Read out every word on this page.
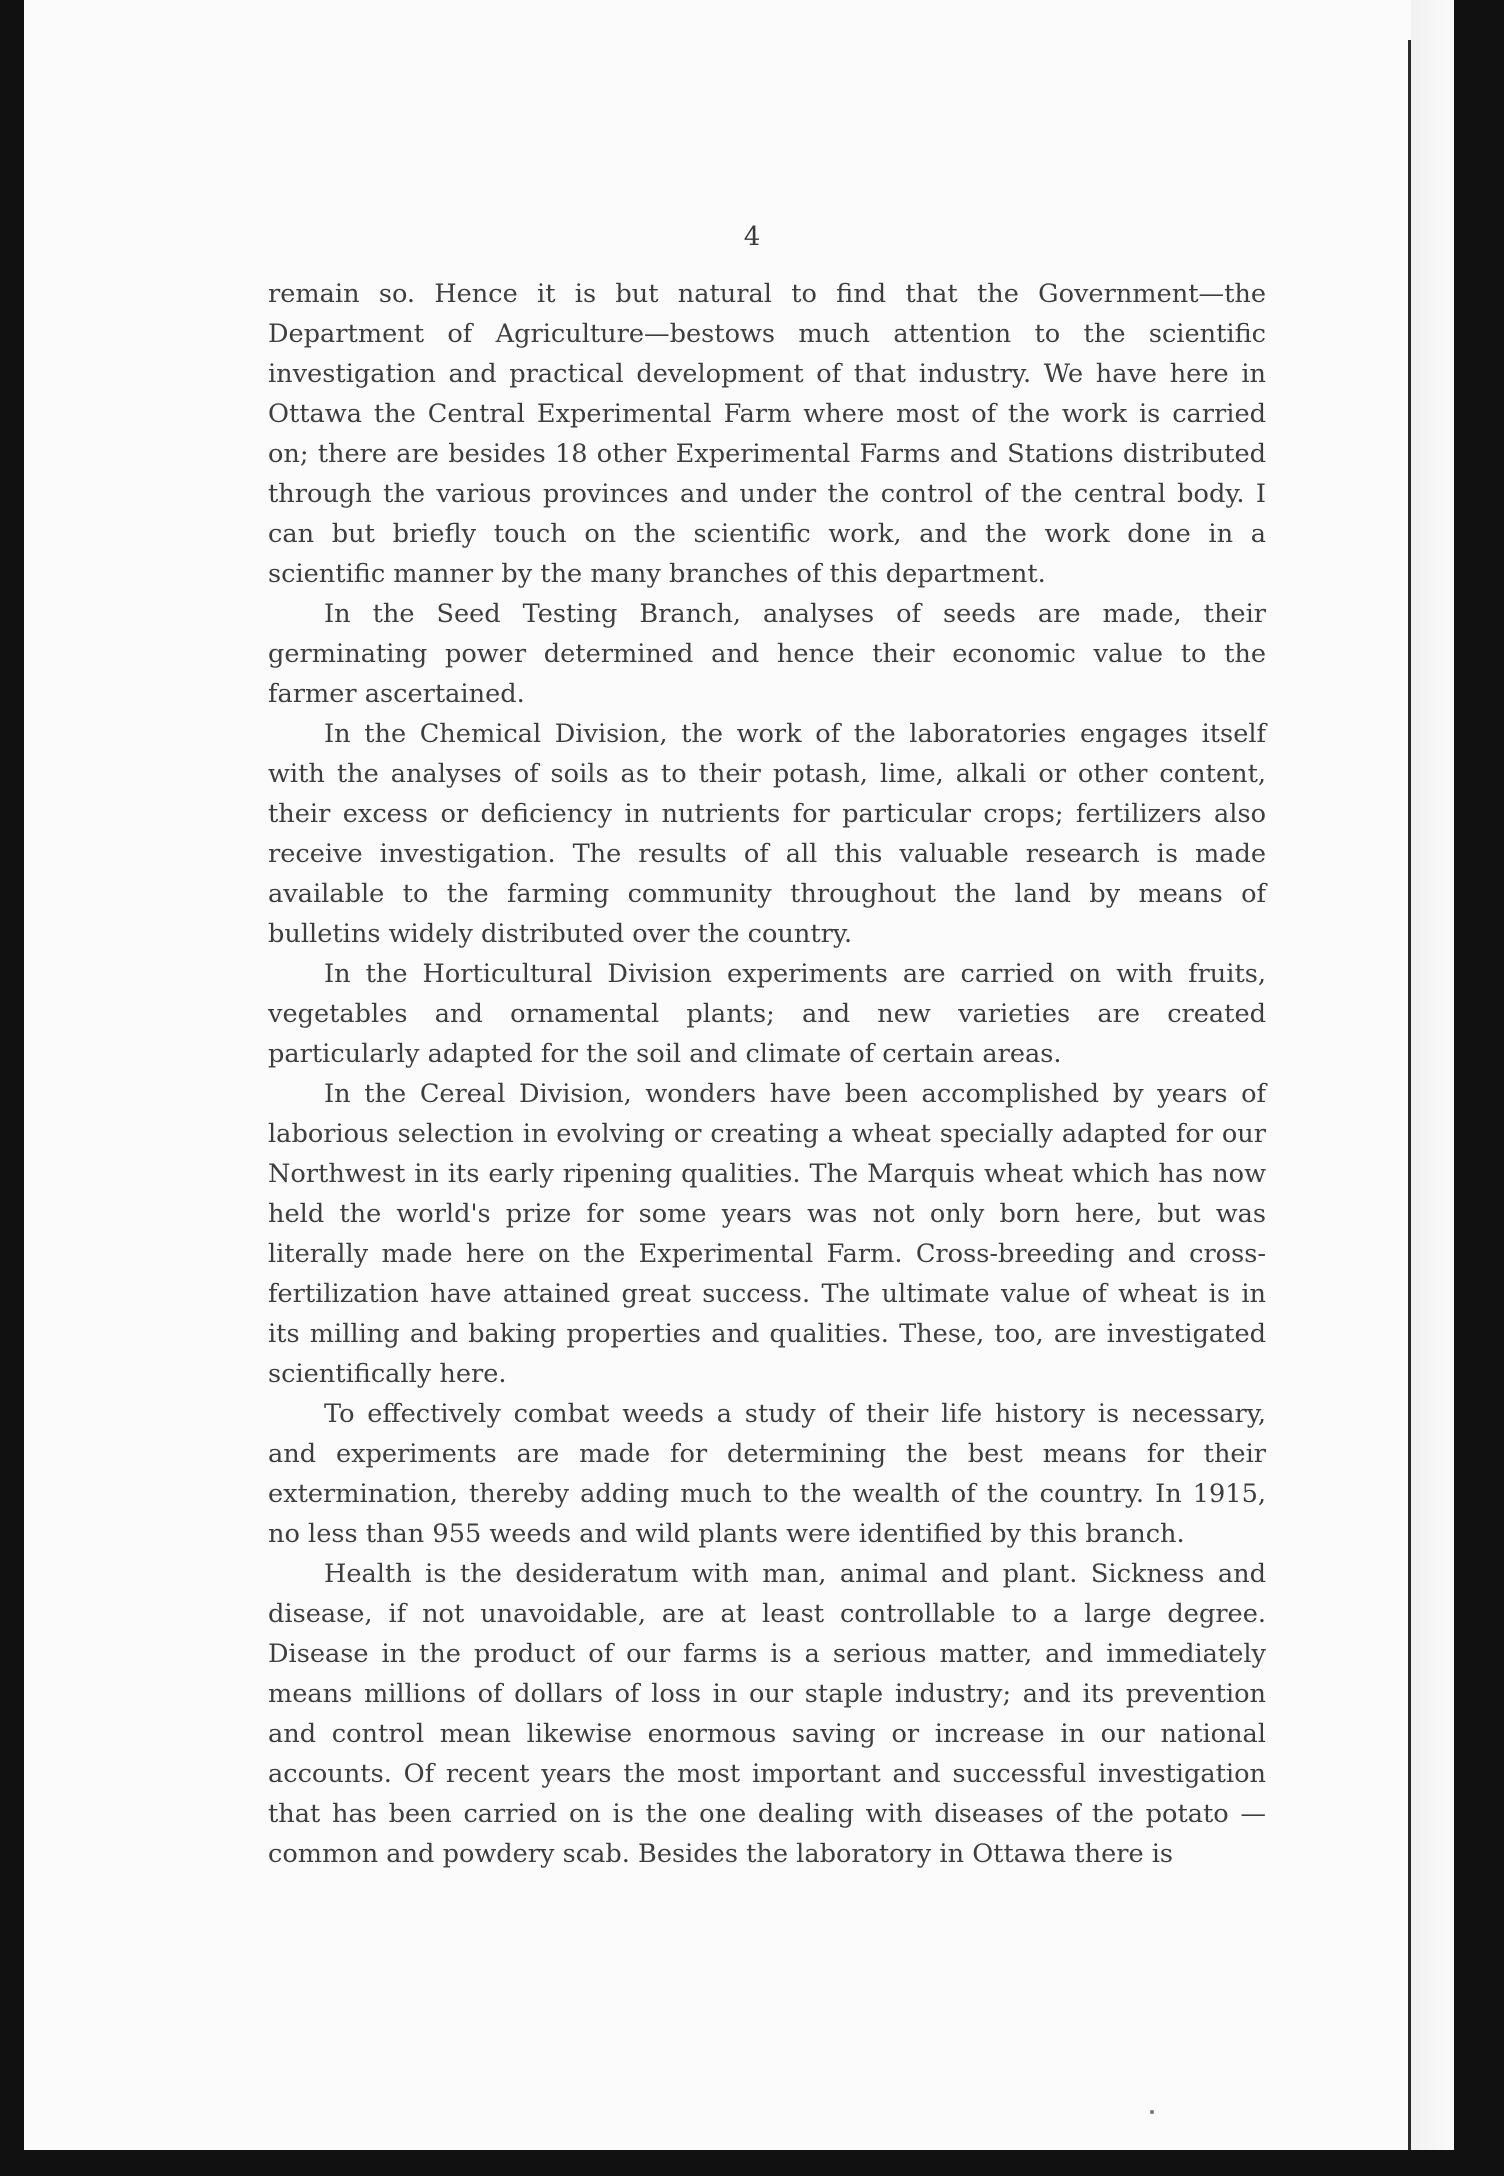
4

remain so. Hence it is but natural to find that the Government—the Department of Agriculture—bestows much attention to the scientific investigation and practical development of that industry. We have here in Ottawa the Central Experimental Farm where most of the work is carried on; there are besides 18 other Experimental Farms and Stations distributed through the various provinces and under the control of the central body. I can but briefly touch on the scientific work, and the work done in a scientific manner by the many branches of this department.

In the Seed Testing Branch, analyses of seeds are made, their germinating power determined and hence their economic value to the farmer ascertained.

In the Chemical Division, the work of the laboratories engages itself with the analyses of soils as to their potash, lime, alkali or other content, their excess or deficiency in nutrients for particular crops; fertilizers also receive investigation. The results of all this valuable research is made available to the farming community throughout the land by means of bulletins widely distributed over the country.

In the Horticultural Division experiments are carried on with fruits, vegetables and ornamental plants; and new varieties are created particularly adapted for the soil and climate of certain areas.

In the Cereal Division, wonders have been accomplished by years of laborious selection in evolving or creating a wheat specially adapted for our Northwest in its early ripening qualities. The Marquis wheat which has now held the world's prize for some years was not only born here, but was literally made here on the Experimental Farm. Cross-breeding and cross-fertilization have attained great success. The ultimate value of wheat is in its milling and baking properties and qualities. These, too, are investigated scientifically here.

To effectively combat weeds a study of their life history is necessary, and experiments are made for determining the best means for their extermination, thereby adding much to the wealth of the country. In 1915, no less than 955 weeds and wild plants were identified by this branch.

Health is the desideratum with man, animal and plant. Sickness and disease, if not unavoidable, are at least controllable to a large degree. Disease in the product of our farms is a serious matter, and immediately means millions of dollars of loss in our staple industry; and its prevention and control mean likewise enormous saving or increase in our national accounts. Of recent years the most important and successful investigation that has been carried on is the one dealing with diseases of the potato —common and powdery scab. Besides the laboratory in Ottawa there is
